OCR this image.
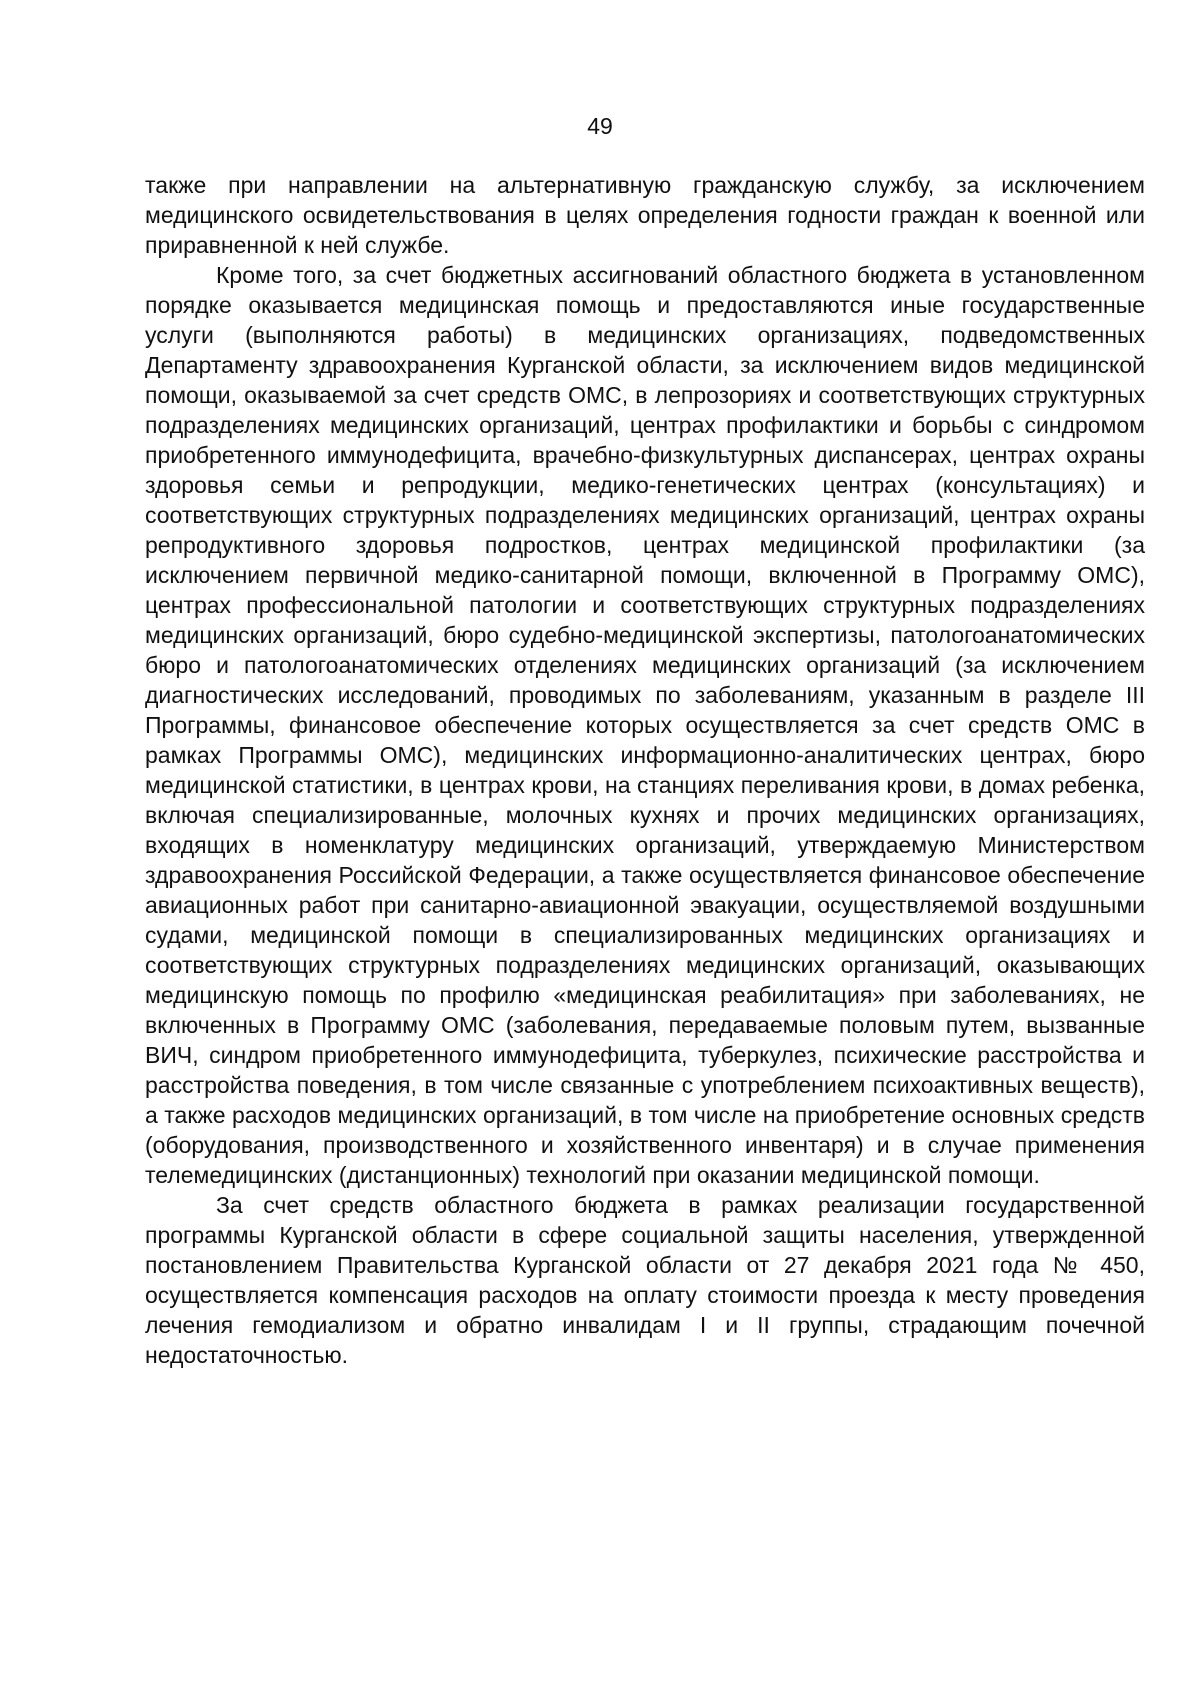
49

также при направлении на альтернативную гражданскую службу, за исключением медицинского освидетельствования в целях определения годности граждан к военной или приравненной к ней службе.

Кроме того, за счет бюджетных ассигнований областного бюджета в установленном порядке оказывается медицинская помощь и предоставляются иные государственные услуги (выполняются работы) в медицинских организациях, подведомственных Департаменту здравоохранения Курганской области, за исключением видов медицинской помощи, оказываемой за счет средств ОМС, в лепрозориях и соответствующих структурных подразделениях медицинских организаций, центрах профилактики и борьбы с синдромом приобретенного иммунодефицита, врачебно-физкультурных диспансерах, центрах охраны здоровья семьи и репродукции, медико-генетических центрах (консультациях) и соответствующих структурных подразделениях медицинских организаций, центрах охраны репродуктивного здоровья подростков, центрах медицинской профилактики (за исключением первичной медико-санитарной помощи, включенной в Программу ОМС), центрах профессиональной патологии и соответствующих структурных подразделениях медицинских организаций, бюро судебно-медицинской экспертизы, патологоанатомических бюро и патологоанатомических отделениях медицинских организаций (за исключением диагностических исследований, проводимых по заболеваниям, указанным в разделе III Программы, финансовое обеспечение которых осуществляется за счет средств ОМС в рамках Программы ОМС), медицинских информационно-аналитических центрах, бюро медицинской статистики, в центрах крови, на станциях переливания крови, в домах ребенка, включая специализированные, молочных кухнях и прочих медицинских организациях, входящих в номенклатуру медицинских организаций, утверждаемую Министерством здравоохранения Российской Федерации, а также осуществляется финансовое обеспечение авиационных работ при санитарно-авиационной эвакуации, осуществляемой воздушными судами, медицинской помощи в специализированных медицинских организациях и соответствующих структурных подразделениях медицинских организаций, оказывающих медицинскую помощь по профилю «медицинская реабилитация» при заболеваниях, не включенных в Программу ОМС (заболевания, передаваемые половым путем, вызванные ВИЧ, синдром приобретенного иммунодефицита, туберкулез, психические расстройства и расстройства поведения, в том числе связанные с употреблением психоактивных веществ), а также расходов медицинских организаций, в том числе на приобретение основных средств (оборудования, производственного и хозяйственного инвентаря) и в случае применения телемедицинских (дистанционных) технологий при оказании медицинской помощи.

За счет средств областного бюджета в рамках реализации государственной программы Курганской области в сфере социальной защиты населения, утвержденной постановлением Правительства Курганской области от 27 декабря 2021 года № 450, осуществляется компенсация расходов на оплату стоимости проезда к месту проведения лечения гемодиализом и обратно инвалидам I и II группы, страдающим почечной недостаточностью.
